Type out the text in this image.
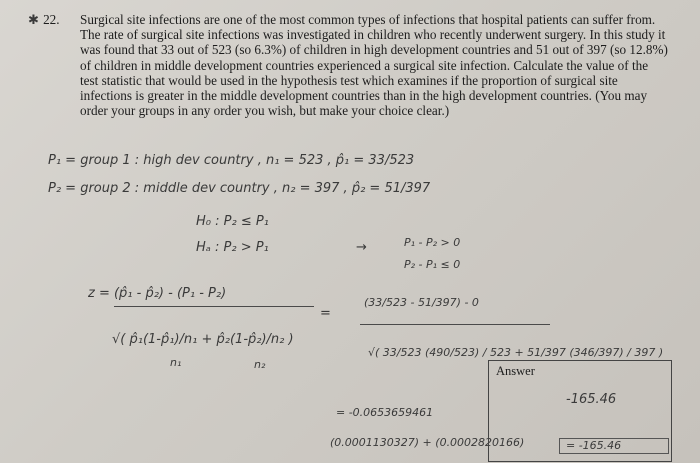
✱ 22. Surgical site infections are one of the most common types of infections that hospital patients can suffer from. The rate of surgical site infections was investigated in children who recently underwent surgery. In this study it was found that 33 out of 523 (so 6.3%) of children in high development countries and 51 out of 397 (so 12.8%) of children in middle development countries experienced a surgical site infection. Calculate the value of the test statistic that would be used in the hypothesis test which examines if the proportion of surgical site infections is greater in the middle development countries than in the high development countries. (You may order your groups in any order you wish, but make your choice clear.)
P₁ = group 1 : high dev country , n₁ = 523 , p̂₁ = 33/523
P₂ = group 2 : middle dev country , n₂ = 397 , p̂₂ = 51/397
H₀ : P₂ ≤ P₁
Hₐ : P₂ > P₁	→	P₁ - P₂ > 0
P₂ - P₁ ≤ 0
z = (p̂₁ - p̂₂) - (P₁ - P₂)
√( p̂₁(1-p̂₁)/n₁ + p̂₂(1-p̂₂)/n₂ )
n₁	n₂
=
(33/523 - 51/397) - 0
√( 33/523 (490/523) / 523 + 51/397 (346/397) / 397 )
= -0.0653659461
(0.0001130327) + (0.0002820166)
Answer
-165.46
= -165.46
